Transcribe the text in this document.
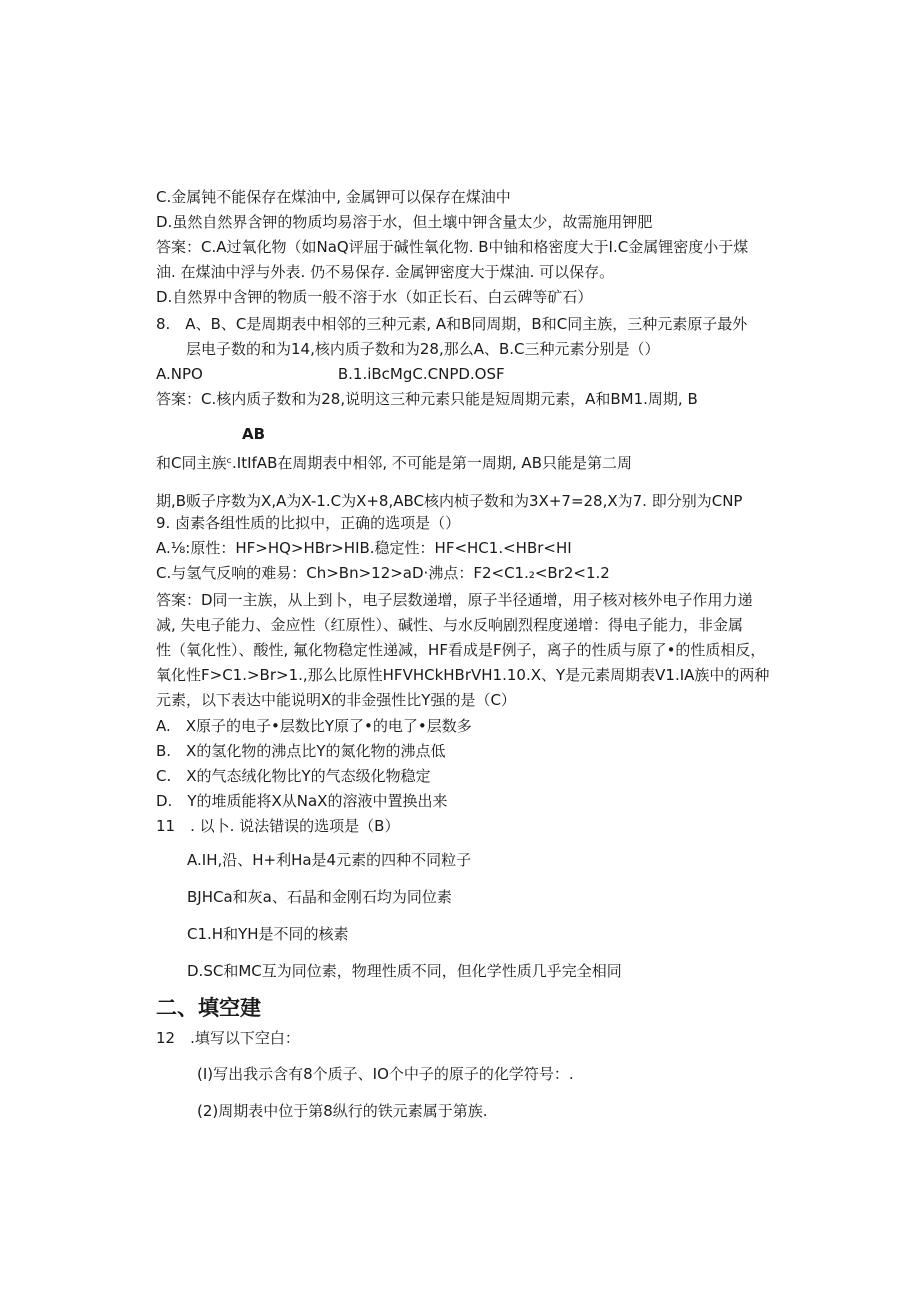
C.金属钝不能保存在煤油中, 金属钾可以保存在煤油中
D.虽然自然界含钾的物质均易溶于水，但土壤中钾含量太少，故需施用钾肥
答案：C.A过氧化物（如NaQ评屈于碱性氧化物. B中铀和格密度大于I.C金属锂密度小于煤
油. 在煤油中浮与外表. 仍不易保存. 金属钾密度大于煤油. 可以保存。
D.自然界中含钾的物质一般不溶于水（如正长石、白云碑等矿石）
8.　A、B、C是周期表中相邻的三种元素, A和B同周期，B和C同主族，三种元素原子最外
层电子数的和为14,核内质子数和为28,那么A、B.C三种元素分别是（）
A.NPO　　　　　　　　　B.1.iBcMgC.CNPD.OSF
答案：C.核内质子数和为28,说明这三种元素只能是短周期元素，A和BM1.周期, B
AB
和C同主族ᶜ.ItIfAB在周期表中相邻, 不可能是第一周期, AB只能是第二周
期,B贩子序数为X,A为X-1.C为X+8,ABC核内桢子数和为3X+7=28,X为7. 即分别为CNP
9. 卤素各组性质的比拟中，正确的选项是（）
A.⅛:原性：HF>HQ>HBr>HIB.稳定性：HF<HC1.<HBr<HI
C.与氢气反响的难易：Ch>Bn>12>aD·沸点：F2<C1.₂<Br2<1.2
答案：D同一主族，从上到卜，电子层数递增，原子半径通增，用子核对核外电子作用力递
减, 失电子能力、金应性（红原性）、碱性、与水反响剧烈程度递增：得电子能力，非金属
性（氧化性）、酸性, 氟化物稳定性递减，HF看成是F例子，离子的性质与原了•的性质相反，
氧化性F>C1.>Br>1.,那么比原性HFVHCkHBrVH1.10.X、Y是元素周期表V1.IA族中的两种
元素，以下表达中能说明X的非金强性比Y强的是（C）
A.　X原子的电子•层数比Y原了•的电了•层数多
B.　X的氢化物的沸点比Y的氮化物的沸点低
C.　X的气态绒化物比Y的气态级化物稳定
D.　Y的堆质能将X从NaX的溶液中置换出来
11　. 以卜. 说法错误的选项是（B）
A.IH,沿、H+利Ha是4元素的四种不同粒子
BJHCa和灰a、石晶和金刚石均为同位素
C1.H和YH是不同的核素
D.SC和MC互为同位素，物理性质不同，但化学性质几乎完全相同
二、填空建
12　.填写以下空白：
(I)写出我示含有8个质子、IO个中子的原子的化学符号：.
(2)周期表中位于第8纵行的铁元素属于第族.
